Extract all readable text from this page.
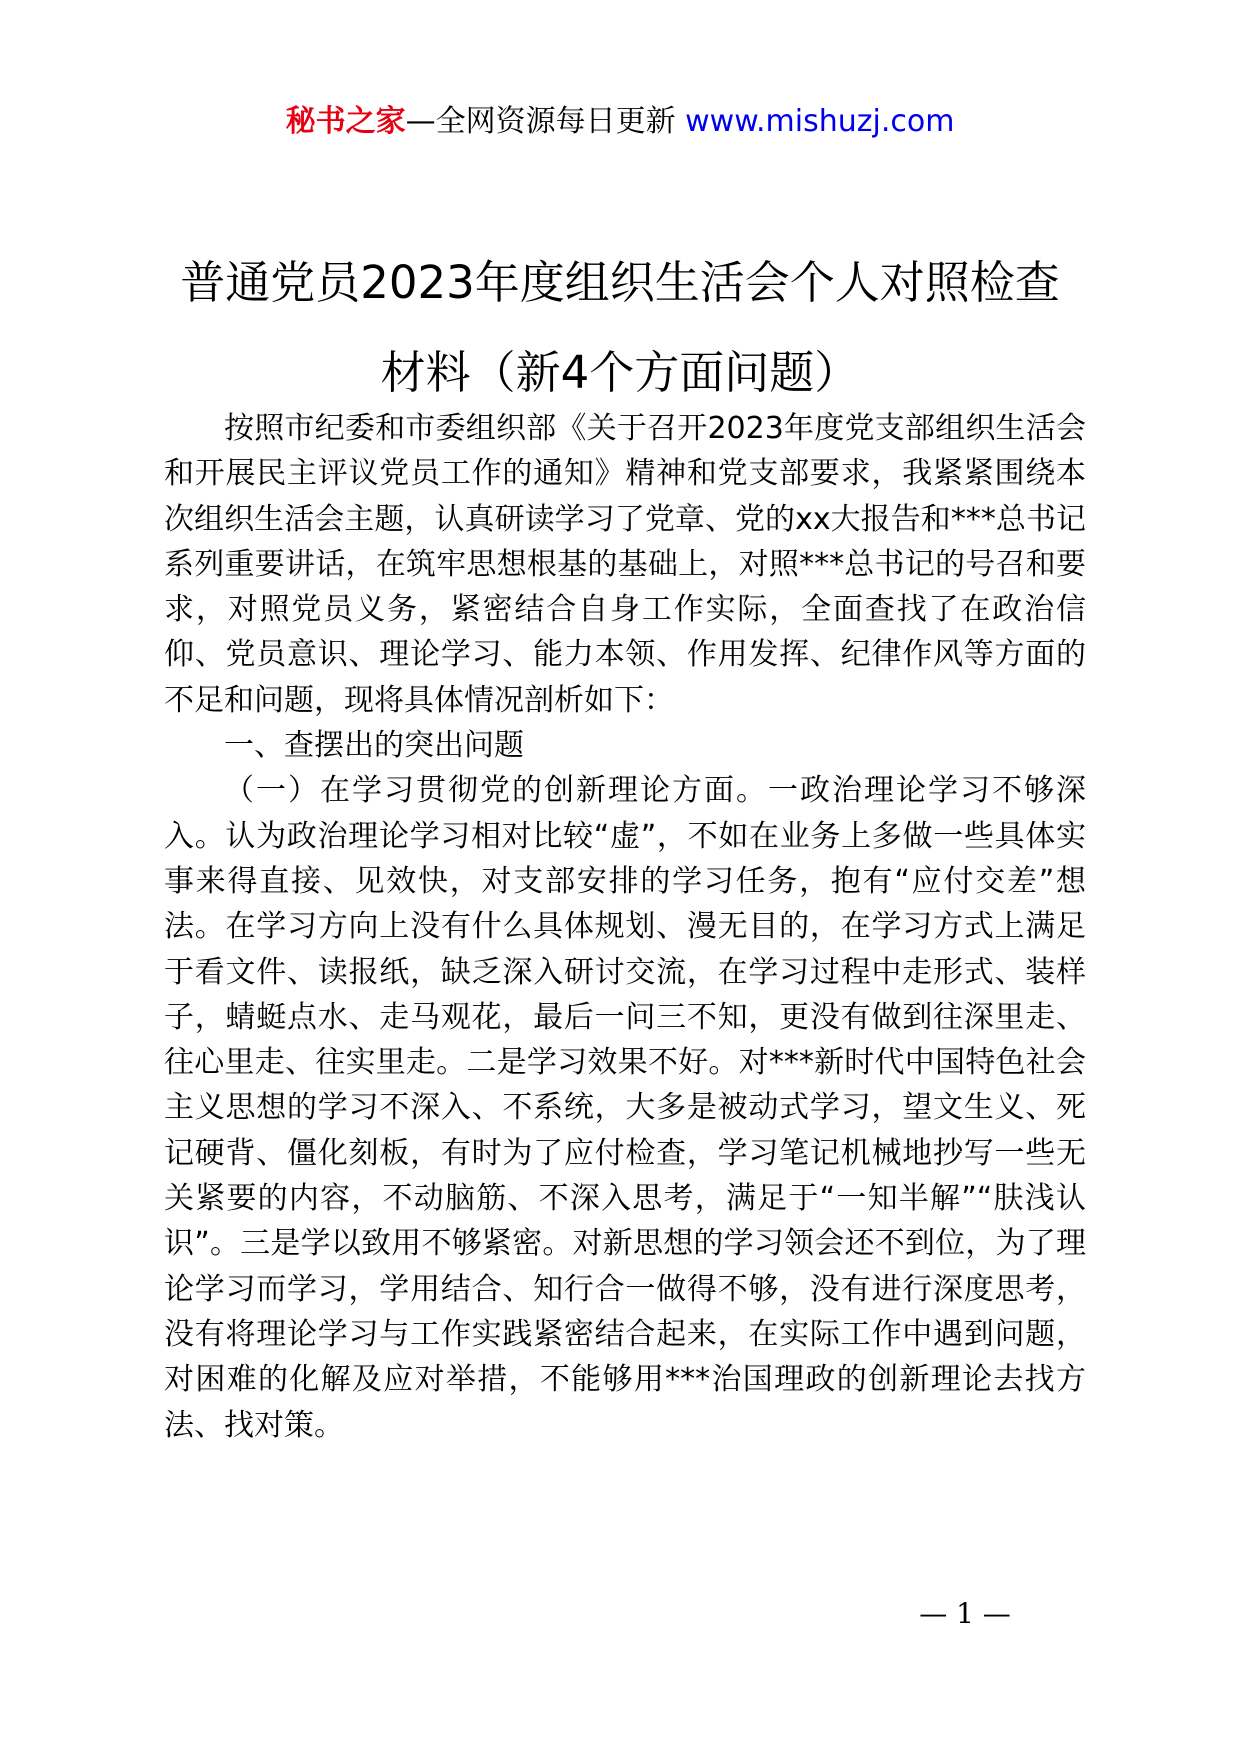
秘书之家—全网资源每日更新 www.mishuzj.com
普通党员2023年度组织生活会个人对照检查材料（新4个方面问题）

按照市纪委和市委组织部《关于召开2023年度党支部组织生活会和开展民主评议党员工作的通知》精神和党支部要求，我紧紧围绕本次组织生活会主题，认真研读学习了党章、党的xx大报告和***总书记系列重要讲话，在筑牢思想根基的基础上，对照***总书记的号召和要求，对照党员义务，紧密结合自身工作实际，全面查找了在政治信仰、党员意识、理论学习、能力本领、作用发挥、纪律作风等方面的不足和问题，现将具体情况剖析如下：

一、查摆出的突出问题

（一）在学习贯彻党的创新理论方面。一政治理论学习不够深入。认为政治理论学习相对比较“虚”，不如在业务上多做一些具体实事来得直接、见效快，对支部安排的学习任务，抱有“应付交差”想法。在学习方向上没有什么具体规划、漫无目的，在学习方式上满足于看文件、读报纸，缺乏深入研讨交流，在学习过程中走形式、装样子，蜻蜓点水、走马观花，最后一问三不知，更没有做到往深里走、往心里走、往实里走。二是学习效果不好。对***新时代中国特色社会主义思想的学习不深入、不系统，大多是被动式学习，望文生义、死记硬背、僵化刻板，有时为了应付检查，学习笔记机械地抄写一些无关紧要的内容，不动脑筋、不深入思考，满足于“一知半解”“肤浅认识”。三是学以致用不够紧密。对新思想的学习领会还不到位，为了理论学习而学习，学用结合、知行合一做得不够，没有进行深度思考，没有将理论学习与工作实践紧密结合起来，在实际工作中遇到问题，对困难的化解及应对举措，不能够用***治国理政的创新理论去找方法、找对策。

— 1 —
